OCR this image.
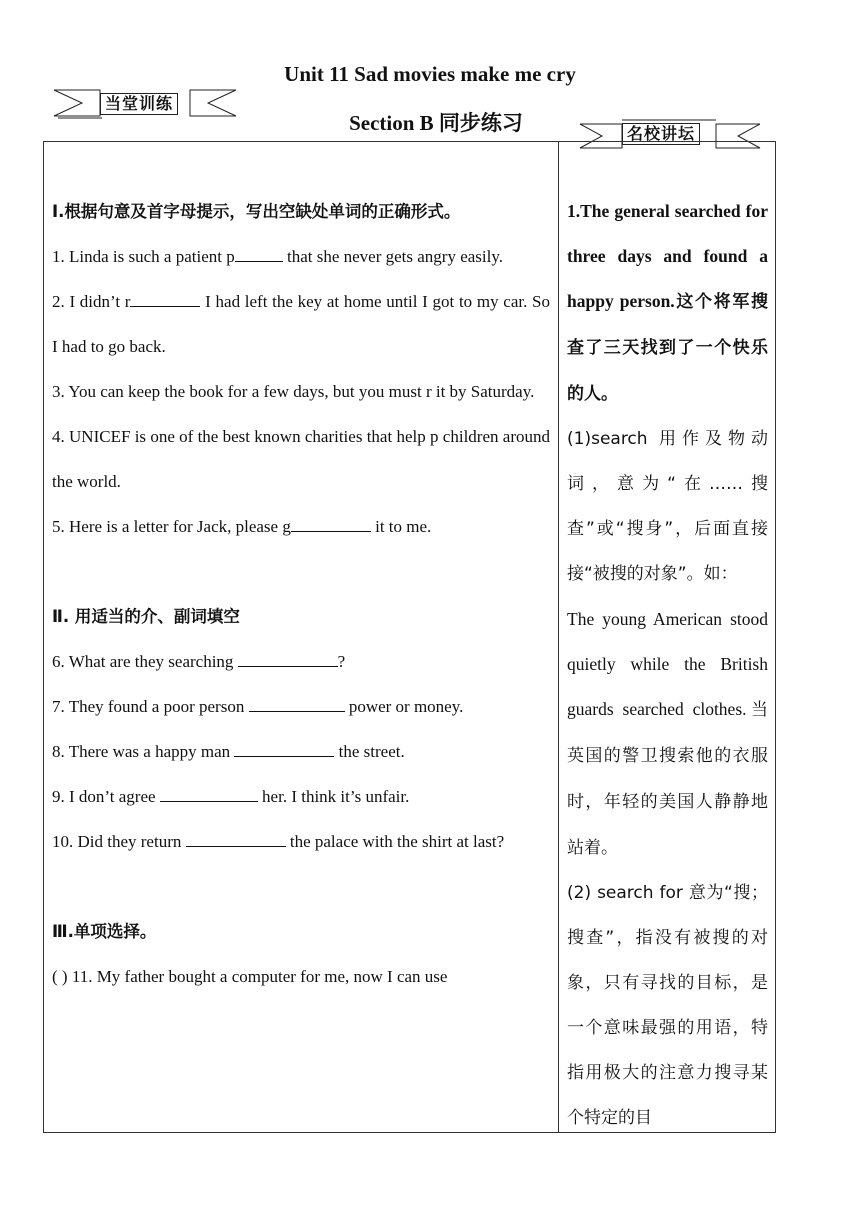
Unit 11 Sad movies make me cry
Section B 同步练习
当堂训练
名校讲坛

I.根据句意及首字母提示，写出空缺处单词的正确形式。

1. Linda is such a patient p	that she never gets angry easily.

2. I didn’t r	I had left the key at home until I got to my car. So I had to go back.

3. You can keep the book for a few days, but you must r it by Saturday.

4. UNICEF is one of the best known charities that help p children around the world.

5. Here is a letter for Jack, please g	it to me.

Ⅱ. 用适当的介、副词填空

6. What are they searching	?

7. They found a poor person	power or money.

8. There was a happy man	the street.

9. I don’t agree	her. I think it’s unfair.

10. Did they return	the palace with the shirt at last?

Ⅲ.单项选择。

( ) 11. My father bought a computer for me, now I can use

1.The general searched for three days and found a happy person.这个将军搜查了三天找到了一个快乐的人。

(1)search 用作及物动词，意为“在……搜查”或“搜身”，后面直接接“被搜的对象”。如：

The young American stood quietly while the British guards searched clothes.当英国的警卫搜索他的衣服时，年轻的美国人静静地站着。

(2) search for 意为“搜；搜查”，指没有被搜的对象，只有寻找的目标，是一个意味最强的用语，特指用极大的注意力搜寻某个特定的目
